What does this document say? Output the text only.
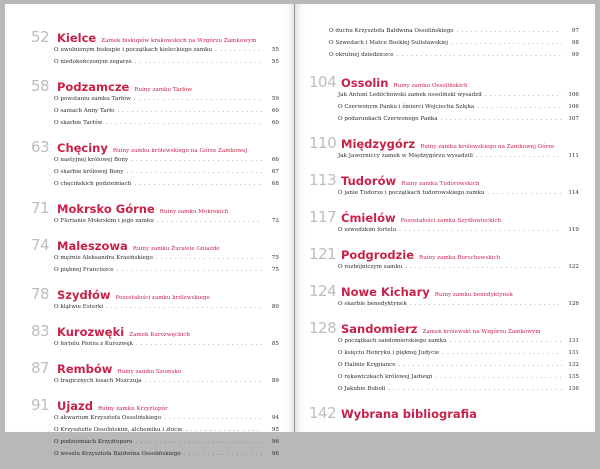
52 Kielce Zamek biskupów krakowskich na Wzgórzu Zamkowym
O uwolnionym biskupie i początkach kieleckiego zamku .....	55
O niedokończonym zegarze .....	55
58 Podzamcze Ruiny zamku Tarłów
O powstaniu zamku Tarłów .....	59
O saniach Anny Tarło .....	60
O skarbie Tarłów .....	60
63 Chęciny Ruiny zamku królewskiego na Górze Zamkowej
O nastyjnej królowej Bony .....	66
O skarbie królowej Bony .....	67
O chęcińskich podziemiach .....	68
71 Mokrsko Górne Ruiny zamku Mokrskich
O Florianie Mokrskim i jego zamku .....	72
74 Maleszowa Ruiny zamku Żurawie Gniazdo
O mężnie Aleksandra Krasińskiego .....	75
O pięknej Franciszce .....	75
78 Szydłów Pozostałości zamku królewskiego
O klątwie Esterki .....	80
83 Kurozwęki Zamek Kurozwęckich
O fortelu Piotra z Kurozwęk .....	85
87 Rembów Ruiny zamku Szumsko
O tragicznych losach Mszczuja .....	89
91 Ujazd Ruiny zamku Krzyżtopór
O akwarium Krzysztofa Ossolińskiego .....	94
O Krzysztofie Ossolińskim, alchemiku i złocie .....	95
O podziemiach Krzyżtoporu .....	96
O weselu Krzysztofa Baldwina Ossolińskiego .....	96
O duchu Krzysztofa Baldwina Ossolińskiego .....	97
O Szwedach i Matce Boskiej Sulisławskiej .....	98
O okrutnej dziedziczce .....	99
104 Ossolin Ruiny zamku Ossolińskich
Jak Antoni Ledóchowski zamek ossoliński wysadził .....	106
O Czerwonym Panku i śmierci Wojciecha Szlęka .....	106
O podarunkach Czerwonego Panka .....	107
110 Międzygórz Ruiny zamku królewskiego na Zamkowej Górze
Jak Jaworniccy zamek w Międzygórzu wysadzili .....	111
113 Tudorów Ruiny zamku Tudorowskich
O janie Tudorze i początkach tudorowskiego zamku .....	114
117 Ćmielów Pozostałości zamku Szydłowieckich
O szwedzkim fortelu .....	119
121 Podgrodzie Ruiny zamku Borschowskich
O rozbójniczym zamku .....	122
124 Nowe Kichary Ruiny zamku benedyktynek
O skarbie benedyktynek .....	126
128 Sandomierz Zamek królewski na Wzgórzu Zamkowym
O początkach sandomierskiego zamku .....	131
O księciu Henryku i pięknej Judycie .....	131
O Halinie Krępiance .....	132
O rękawiczkach królowej Jadwigi .....	135
O Jakubie Boboli .....	136
142 Wybrana bibliografia
